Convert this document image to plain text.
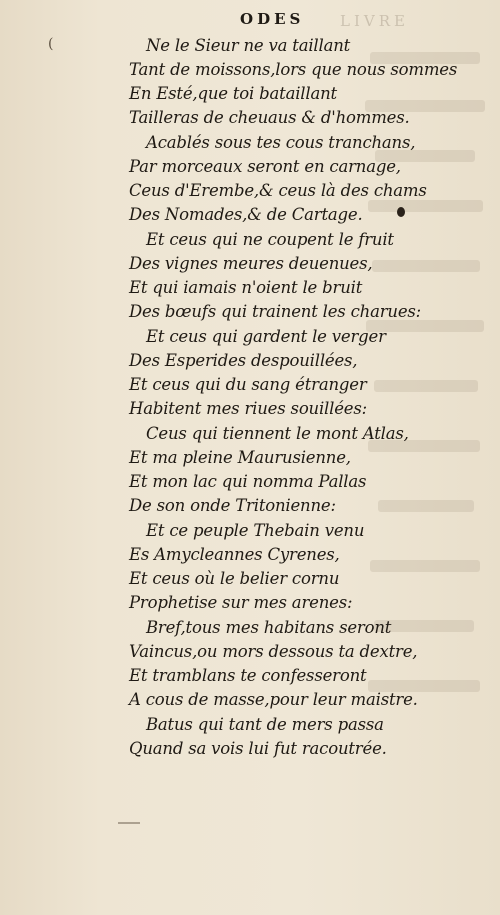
ODES LIVRE
(	Ne le Sieur ne va taillant
Tant de moissons,lors que nous sommes
En Esté,que toi bataillant
Tailleras de cheuaus & d'hommes.
Acablés sous tes cous tranchans,
Par morceaux seront en carnage,
Ceus d'Erembe,& ceus là des chams
Des Nomades,& de Cartage.
Et ceus qui ne coupent le fruit
Des vignes meures deuenues,
Et qui iamais n'oient le bruit
Des bœufs qui trainent les charues:
Et ceus qui gardent le verger
Des Esperides despouillées,
Et ceus qui du sang étranger
Habitent mes riues souillées:
Ceus qui tiennent le mont Atlas,
Et ma pleine Maurusienne,
Et mon lac qui nomma Pallas
De son onde Tritonienne:
Et ce peuple Thebain venu
Es Amycleannes Cyrenes,
Et ceus où le belier cornu
Prophetise sur mes arenes:
Bref,tous mes habitans seront
Vaincus,ou mors dessous ta dextre,
Et tramblans te confesseront
A cous de masse,pour leur maistre.
Batus qui tant de mers passa
Quand sa vois lui fut racoutrée.
